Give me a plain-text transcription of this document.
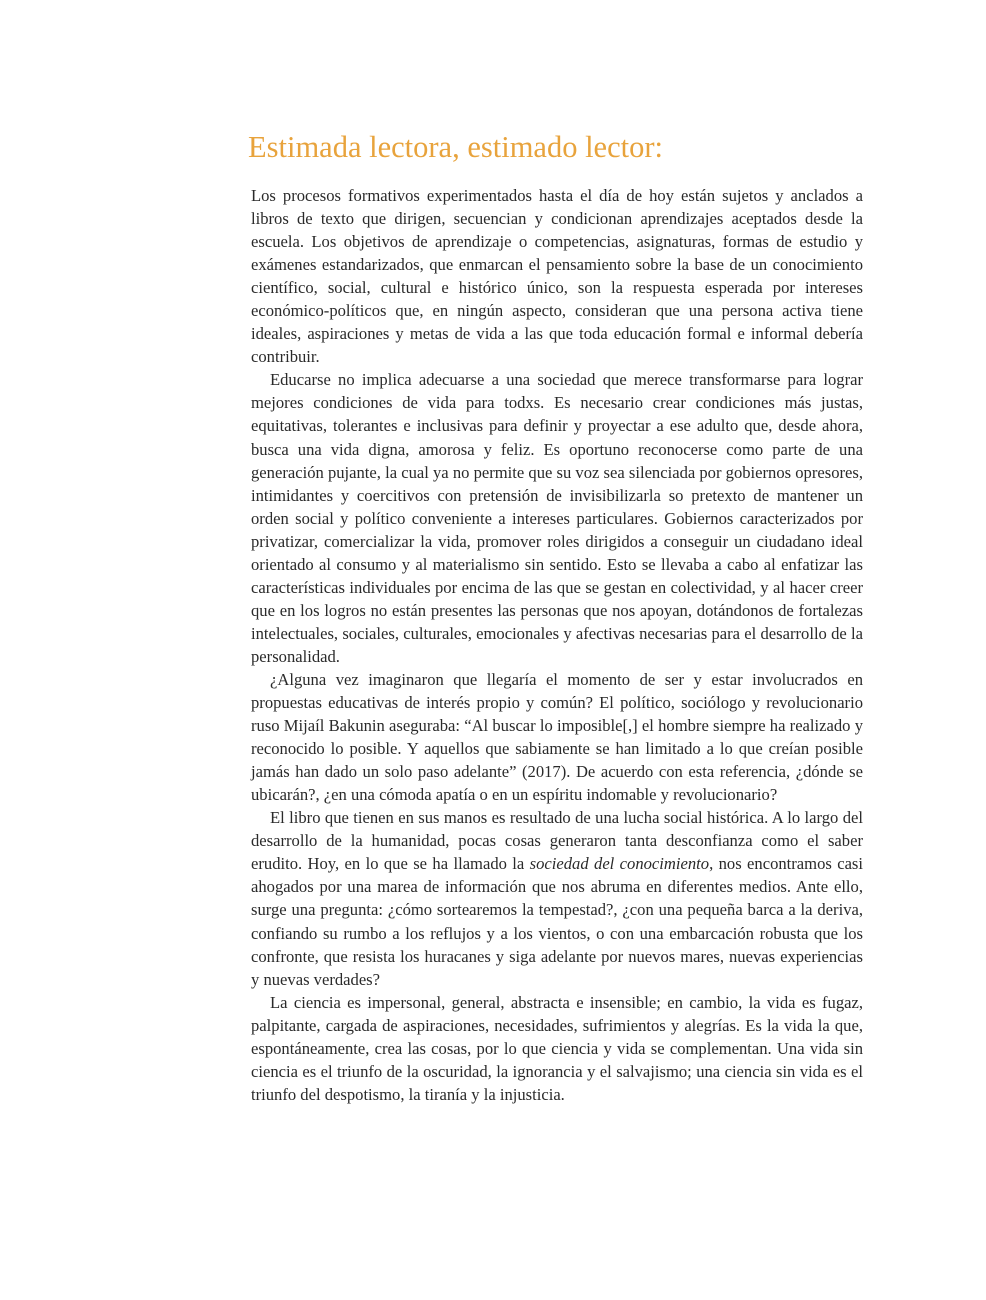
Estimada lectora, estimado lector:

Los procesos formativos experimentados hasta el día de hoy están sujetos y anclados a libros de texto que dirigen, secuencian y condicionan aprendizajes aceptados desde la escuela. Los objetivos de aprendizaje o competencias, asignaturas, formas de estudio y exámenes estandarizados, que enmarcan el pensamiento sobre la base de un conocimiento científico, social, cultural e histórico único, son la respuesta esperada por intereses económico-políticos que, en ningún aspecto, consideran que una persona activa tiene ideales, aspiraciones y metas de vida a las que toda educación formal e informal debería contribuir.

Educarse no implica adecuarse a una sociedad que merece transformarse para lograr mejores condiciones de vida para todxs. Es necesario crear condiciones más justas, equitativas, tolerantes e inclusivas para definir y proyectar a ese adulto que, desde ahora, busca una vida digna, amorosa y feliz. Es oportuno reconocerse como parte de una generación pujante, la cual ya no permite que su voz sea silenciada por gobiernos opresores, intimidantes y coercitivos con pretensión de invisibilizarla so pretexto de mantener un orden social y político conveniente a intereses particulares. Gobiernos caracterizados por privatizar, comercializar la vida, promover roles dirigidos a conseguir un ciudadano ideal orientado al consumo y al materialismo sin sentido. Esto se llevaba a cabo al enfatizar las características individuales por encima de las que se gestan en colectividad, y al hacer creer que en los logros no están presentes las personas que nos apoyan, dotándonos de fortalezas intelectuales, sociales, culturales, emocionales y afectivas necesarias para el desarrollo de la personalidad.

¿Alguna vez imaginaron que llegaría el momento de ser y estar involucrados en propuestas educativas de interés propio y común? El político, sociólogo y revolucionario ruso Mijaíl Bakunin aseguraba: “Al buscar lo imposible[,] el hombre siempre ha realizado y reconocido lo posible. Y aquellos que sabiamente se han limitado a lo que creían posible jamás han dado un solo paso adelante” (2017). De acuerdo con esta referencia, ¿dónde se ubicarán?, ¿en una cómoda apatía o en un espíritu indomable y revolucionario?

El libro que tienen en sus manos es resultado de una lucha social histórica. A lo largo del desarrollo de la humanidad, pocas cosas generaron tanta desconfianza como el saber erudito. Hoy, en lo que se ha llamado la sociedad del conocimiento, nos encontramos casi ahogados por una marea de información que nos abruma en diferentes medios. Ante ello, surge una pregunta: ¿cómo sortearemos la tempestad?, ¿con una pequeña barca a la deriva, confiando su rumbo a los reflujos y a los vientos, o con una embarcación robusta que los confronte, que resista los huracanes y siga adelante por nuevos mares, nuevas experiencias y nuevas verdades?

La ciencia es impersonal, general, abstracta e insensible; en cambio, la vida es fugaz, palpitante, cargada de aspiraciones, necesidades, sufrimientos y alegrías. Es la vida la que, espontáneamente, crea las cosas, por lo que ciencia y vida se complementan. Una vida sin ciencia es el triunfo de la oscuridad, la ignorancia y el salvajismo; una ciencia sin vida es el triunfo del despotismo, la tiranía y la injusticia.
